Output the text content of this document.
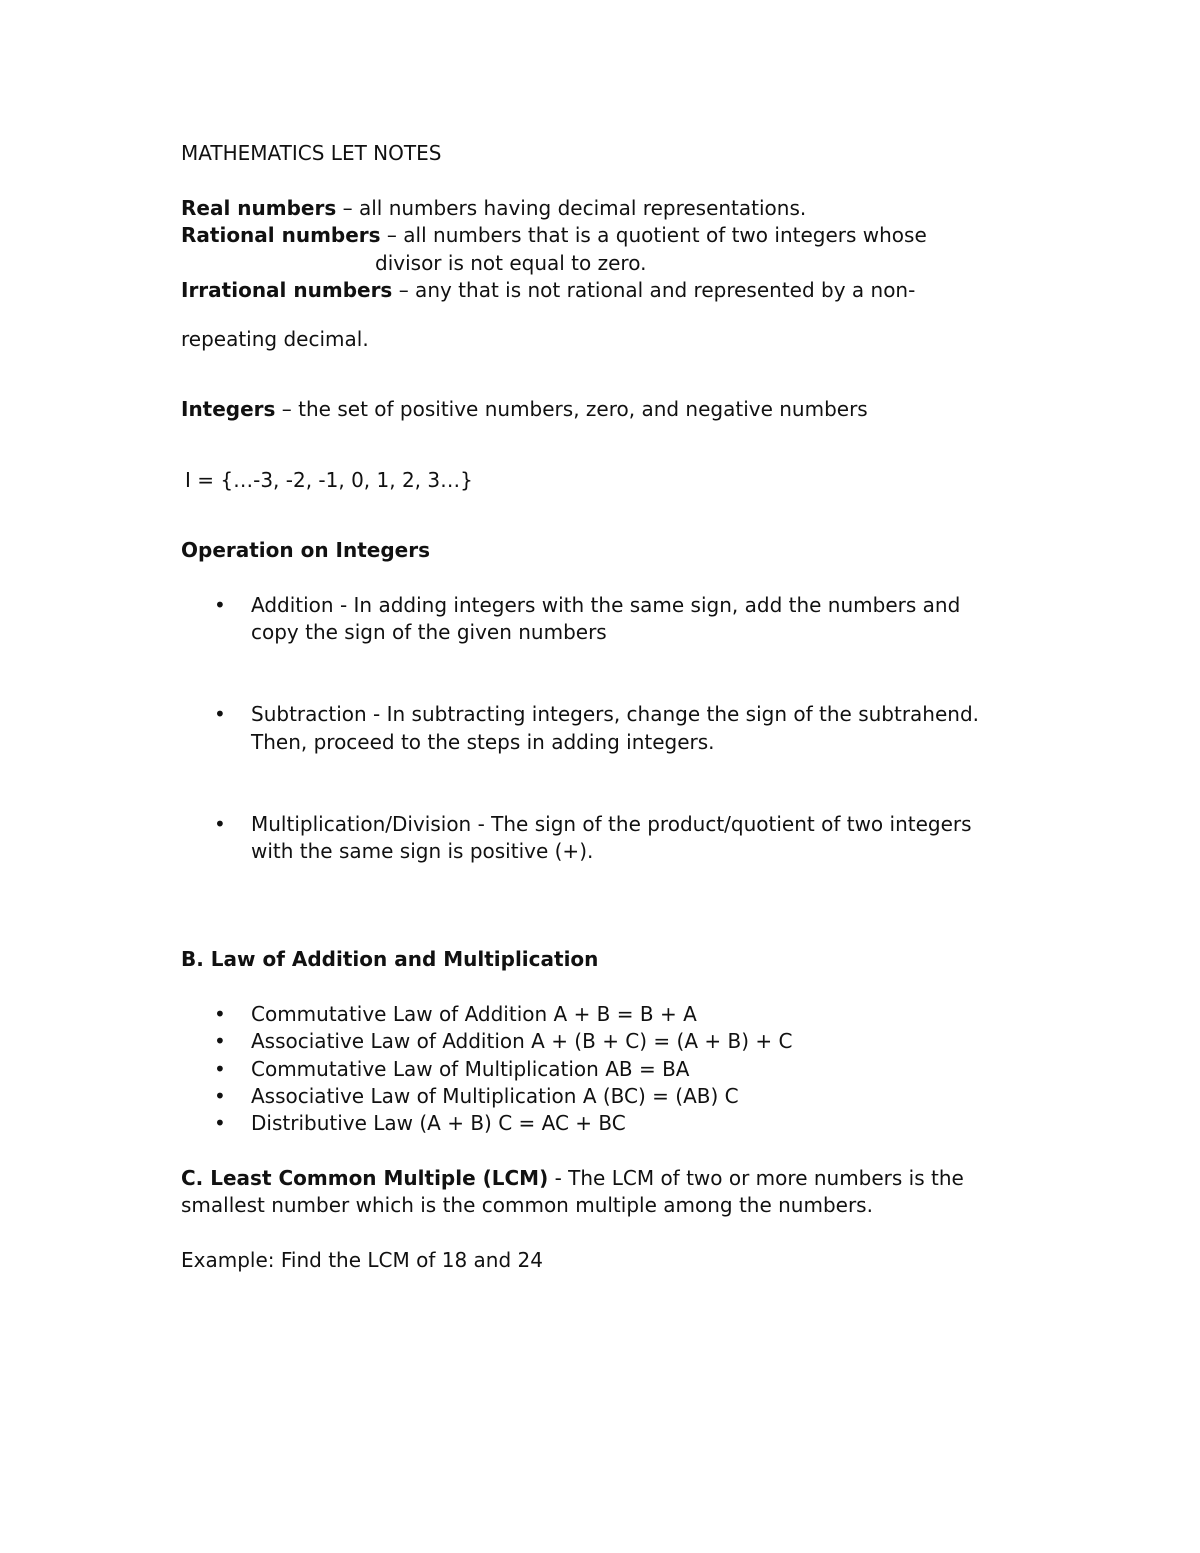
MATHEMATICS LET NOTES
Real numbers – all numbers having decimal representations.
Rational numbers – all numbers that is a quotient of two integers whose
divisor is not equal to zero.
Irrational numbers – any that is not rational and represented by a non-
repeating decimal.
Integers – the set of positive numbers, zero, and negative numbers
I = {…-3, -2, -1, 0, 1, 2, 3…}
Operation on Integers
• Addition - In adding integers with the same sign, add the numbers and
copy the sign of the given numbers
• Subtraction - In subtracting integers, change the sign of the subtrahend.
Then, proceed to the steps in adding integers.
• Multiplication/Division - The sign of the product/quotient of two integers
with the same sign is positive (+).
B. Law of Addition and Multiplication
• Commutative Law of Addition A + B = B + A
• Associative Law of Addition A + (B + C) = (A + B) + C
• Commutative Law of Multiplication AB = BA
• Associative Law of Multiplication A (BC) = (AB) C
• Distributive Law (A + B) C = AC + BC
C. Least Common Multiple (LCM) - The LCM of two or more numbers is the
smallest number which is the common multiple among the numbers.
Example: Find the LCM of 18 and 24
